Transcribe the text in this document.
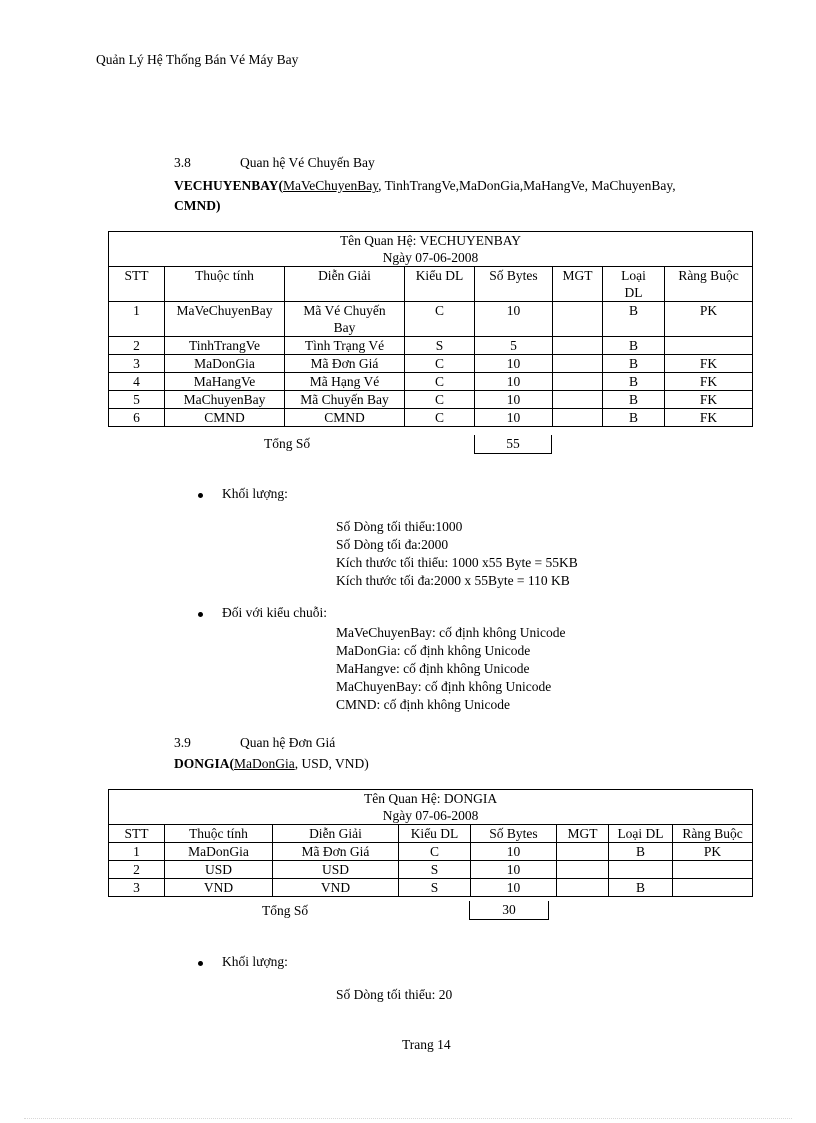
Quản Lý Hệ Thống Bán Vé Máy Bay
3.8	Quan hệ Vé Chuyến Bay
VECHUYENBAY(MaVeChuyenBay, TinhTrangVe,MaDonGia,MaHangVe, MaChuyenBay,
CMND)
Tên Quan Hệ: VECHUYENBAY
Ngày 07-06-2008							

STT	Thuộc tính	Diễn Giải	Kiểu DL	Số Bytes	MGT	Loại DL	Ràng Buộc
1	MaVeChuyenBay	Mã Vé Chuyến Bay	C	10		B	PK
2	TinhTrangVe	Tình Trạng Vé	S	5		B	
3	MaDonGia	Mã Đơn Giá	C	10		B	FK
4	MaHangVe	Mã Hạng Vé	C	10		B	FK
5	MaChuyenBay	Mã Chuyến Bay	C	10		B	FK
6	CMND	CMND	C	10		B	FK
Tổng Số	55
Khối lượng:
Số Dòng tối thiểu:1000
Số Dòng tối đa:2000
Kích thước tối thiểu: 1000 x55 Byte = 55KB
Kích thước tối đa:2000 x 55Byte = 110 KB
Đối với kiểu chuỗi:
MaVeChuyenBay: cố định không Unicode
MaDonGia: cố định không Unicode
MaHangve: cố định không Unicode
MaChuyenBay: cố định không Unicode
CMND: cố định không Unicode
3.9	Quan hệ Đơn Giá
DONGIA(MaDonGia, USD, VND)
Tên Quan Hệ: DONGIA
Ngày 07-06-2008							

STT	Thuộc tính	Diễn Giải	Kiểu DL	Số Bytes	MGT	Loại DL	Ràng Buộc
1	MaDonGia	Mã Đơn Giá	C	10		B	PK
2	USD	USD	S	10			
3	VND	VND	S	10		B	
Tổng Số	30
Khối lượng:
Số Dòng tối thiểu: 20
Trang 14
